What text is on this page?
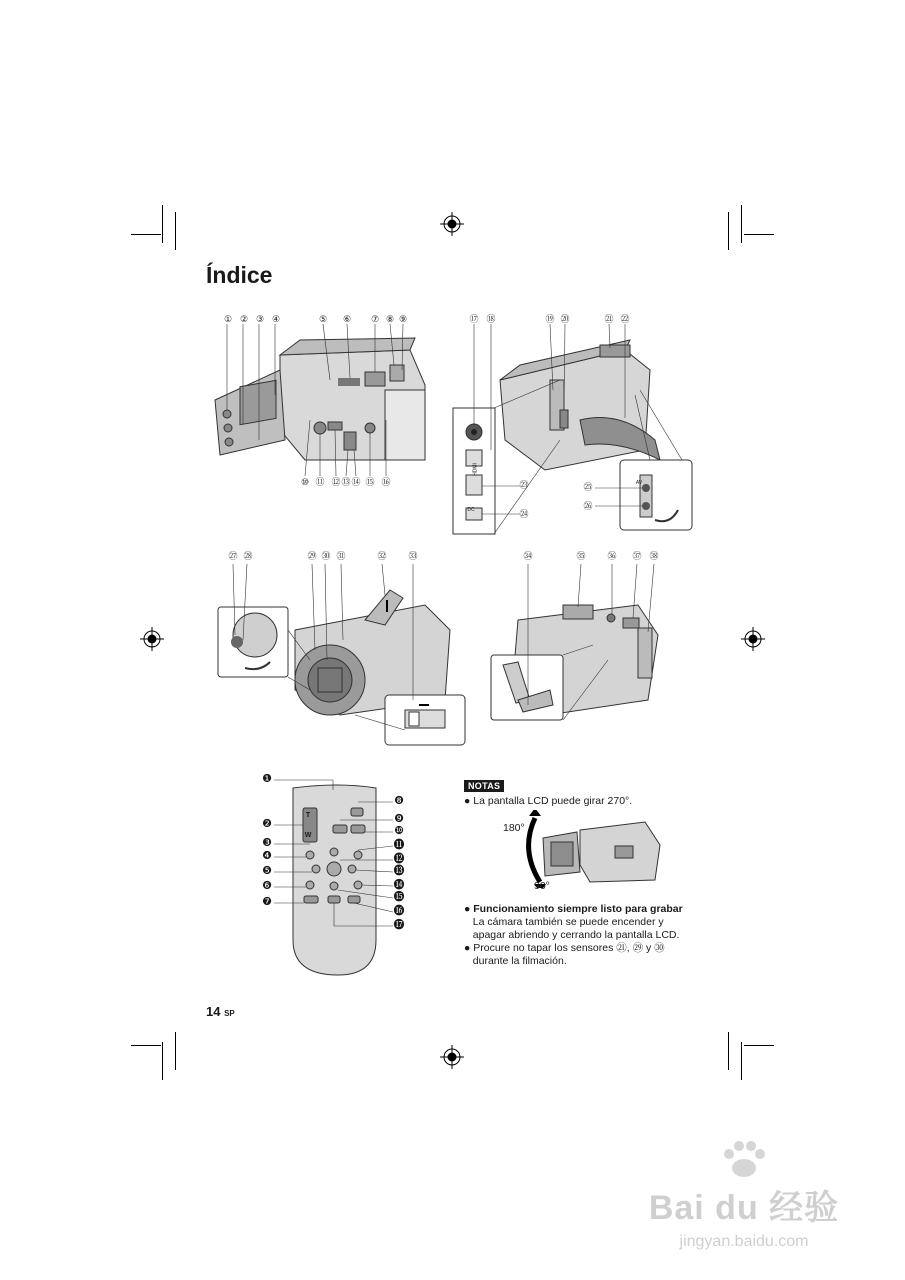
Índice
① ② ③ ④	⑤ ⑥ ⑦ ⑧ ⑨
⑩ ⑪ ⑫ ⑬ ⑭ ⑮ ⑯
⑰ ⑱	⑲ ⑳	㉑ ㉒
㉓
㉔
㉕
㉖
HDMI
DC
AV
㉗ ㉘	㉙ ㉚ ㉛	㉜ ㉝	㉞	㉟ ㊱ ㊲ ㊳
T
W
❶
❷
❸
❹
❺
❻
❼
❽
❾
❿
⓫
⓬
⓭
⓮
⓯
⓰
⓱
NOTAS
● La pantalla LCD puede girar 270°.
180°
90°
● Funcionamiento siempre listo para grabar
La cámara también se puede encender y
apagar abriendo y cerrando la pantalla LCD.
● Procure no tapar los sensores ㉑, ㉙ y ㉚
durante la filmación.
14 SP
Bai du 经验
jingyan.baidu.com
